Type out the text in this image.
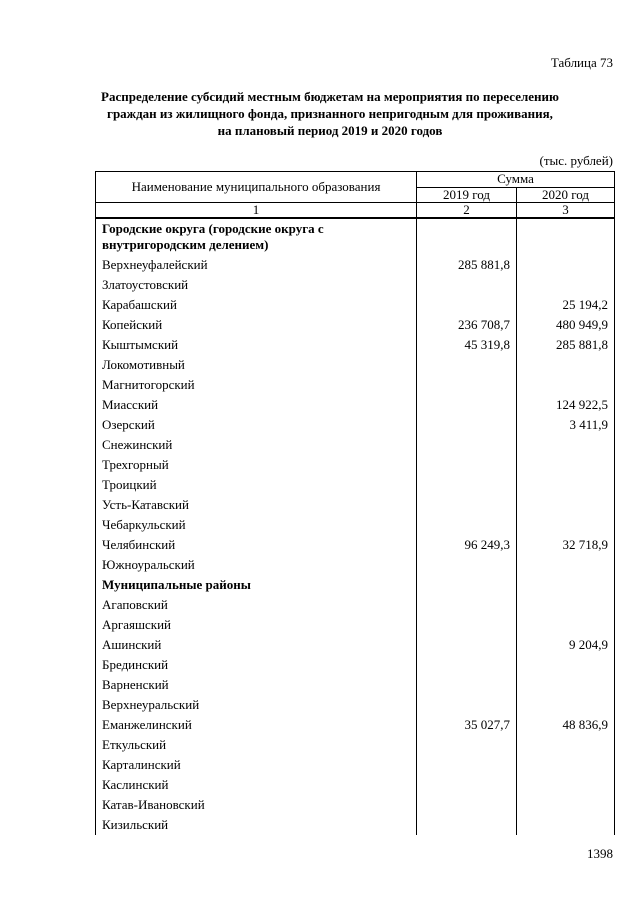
Таблица 73
Распределение субсидий местным бюджетам на мероприятия по переселению
граждан из жилищного фонда, признанного непригодным для проживания,
на плановый период 2019 и 2020 годов
(тыс. рублей)
Наименование муниципального образования	Сумма	
	2019 год	2020 год
1	2	3
Городские округа (городские округа с внутригородским делением)		
Верхнеуфалейский	285 881,8	
Златоустовский		
Карабашский		25 194,2
Копейский	236 708,7	480 949,9
Кыштымский	45 319,8	285 881,8
Локомотивный		
Магнитогорский		
Миасский		124 922,5
Озерский		3 411,9
Снежинский		
Трехгорный		
Троицкий		
Усть-Катавский		
Чебаркульский		
Челябинский	96 249,3	32 718,9
Южноуральский		
Муниципальные районы		
Агаповский		
Аргаяшский		
Ашинский		9 204,9
Брединский		
Варненский		
Верхнеуральский		
Еманжелинский	35 027,7	48 836,9
Еткульский		
Карталинский		
Каслинский		
Катав-Ивановский		
Кизильский		
1398
